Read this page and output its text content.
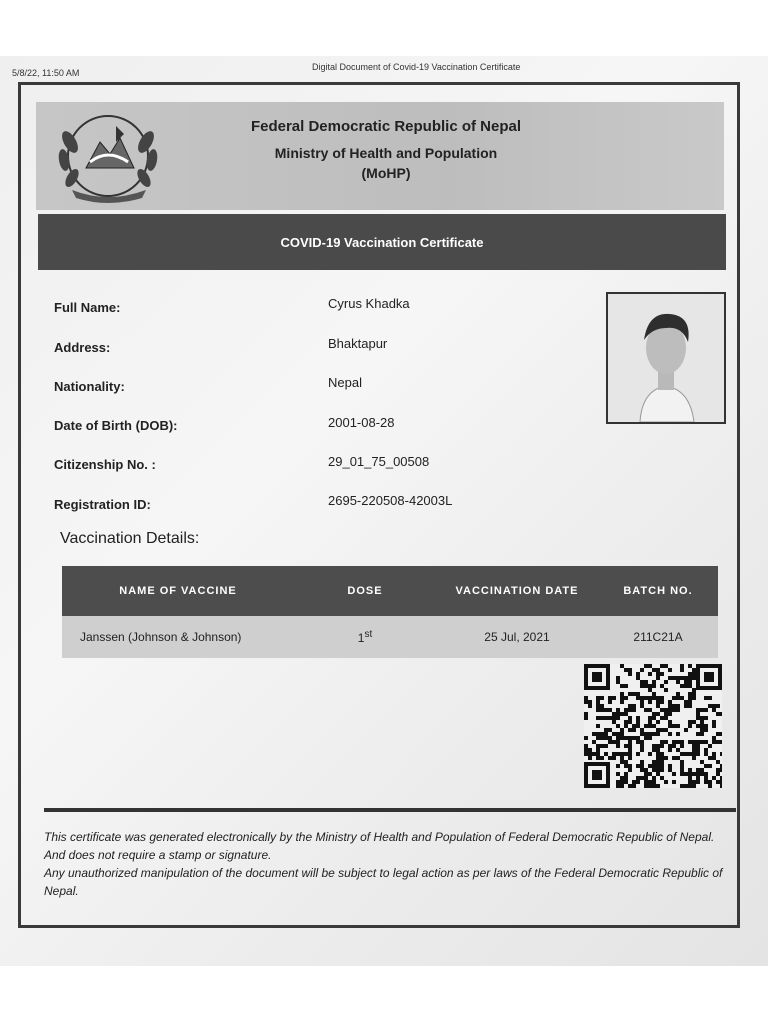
5/8/22, 11:50 AM
Digital Document of Covid-19 Vaccination Certificate
Federal Democratic Republic of Nepal
Ministry of Health and Population
(MoHP)
COVID-19 Vaccination Certificate
Full Name:	Cyrus Khadka
Address:	Bhaktapur
Nationality:	Nepal
Date of Birth (DOB):	2001-08-28
Citizenship No. :	29_01_75_00508
Registration ID:	2695-220508-42003L
Vaccination Details:
NAME OF VACCINE	DOSE	VACCINATION DATE	BATCH NO.
Janssen (Johnson & Johnson)	1st	25 Jul, 2021	211C21A

This certificate was generated electronically by the Ministry of Health and Population of Federal Democratic Republic of Nepal. And does not require a stamp or signature.

Any unauthorized manipulation of the document will be subject to legal action as per laws of the Federal Democratic Republic of Nepal.
